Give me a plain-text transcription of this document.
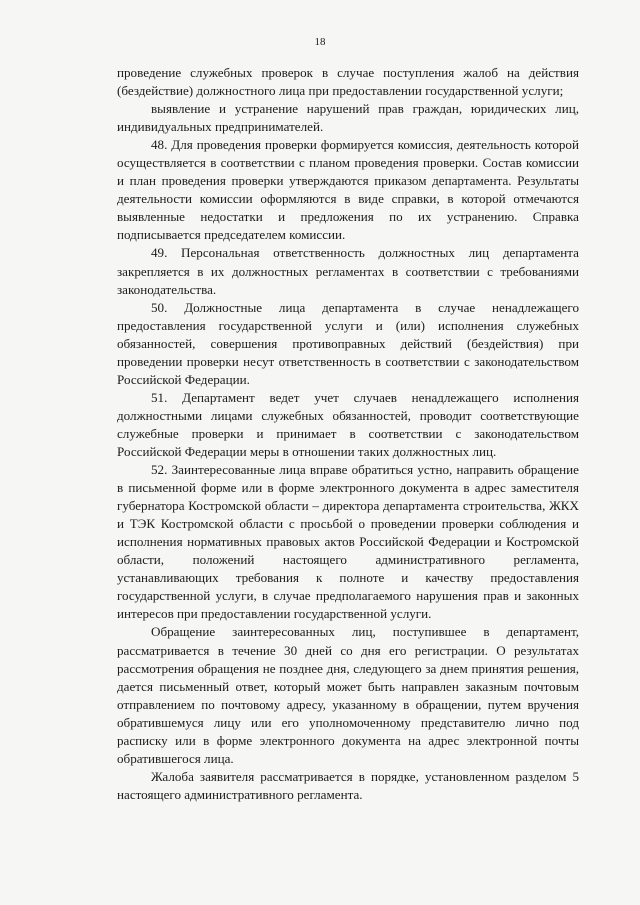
18

проведение служебных проверок в случае поступления жалоб на действия (бездействие) должностного лица при предоставлении государственной услуги;

выявление и устранение нарушений прав граждан, юридических лиц, индивидуальных предпринимателей.

48. Для проведения проверки формируется комиссия, деятельность которой осуществляется в соответствии с планом проведения проверки. Состав комиссии и план проведения проверки утверждаются приказом департамента. Результаты деятельности комиссии оформляются в виде справки, в которой отмечаются выявленные недостатки и предложения по их устранению. Справка подписывается председателем комиссии.

49. Персональная ответственность должностных лиц департамента закрепляется в их должностных регламентах в соответствии с требованиями законодательства.

50. Должностные лица департамента в случае ненадлежащего предоставления государственной услуги и (или) исполнения служебных обязанностей, совершения противоправных действий (бездействия) при проведении проверки несут ответственность в соответствии с законодательством Российской Федерации.

51. Департамент ведет учет случаев ненадлежащего исполнения должностными лицами служебных обязанностей, проводит соответствующие служебные проверки и принимает в соответствии с законодательством Российской Федерации меры в отношении таких должностных лиц.

52. Заинтересованные лица вправе обратиться устно, направить обращение в письменной форме или в форме электронного документа в адрес заместителя губернатора Костромской области – директора департамента строительства, ЖКХ и ТЭК Костромской области с просьбой о проведении проверки соблюдения и исполнения нормативных правовых актов Российской Федерации и Костромской области, положений настоящего административного регламента, устанавливающих требования к полноте и качеству предоставления государственной услуги, в случае предполагаемого нарушения прав и законных интересов при предоставлении государственной услуги.

Обращение заинтересованных лиц, поступившее в департамент, рассматривается в течение 30 дней со дня его регистрации. О результатах рассмотрения обращения не позднее дня, следующего за днем принятия решения, дается письменный ответ, который может быть направлен заказным почтовым отправлением по почтовому адресу, указанному в обращении, путем вручения обратившемуся лицу или его уполномоченному представителю лично под расписку или в форме электронного документа на адрес электронной почты обратившегося лица.

Жалоба заявителя рассматривается в порядке, установленном разделом 5 настоящего административного регламента.
